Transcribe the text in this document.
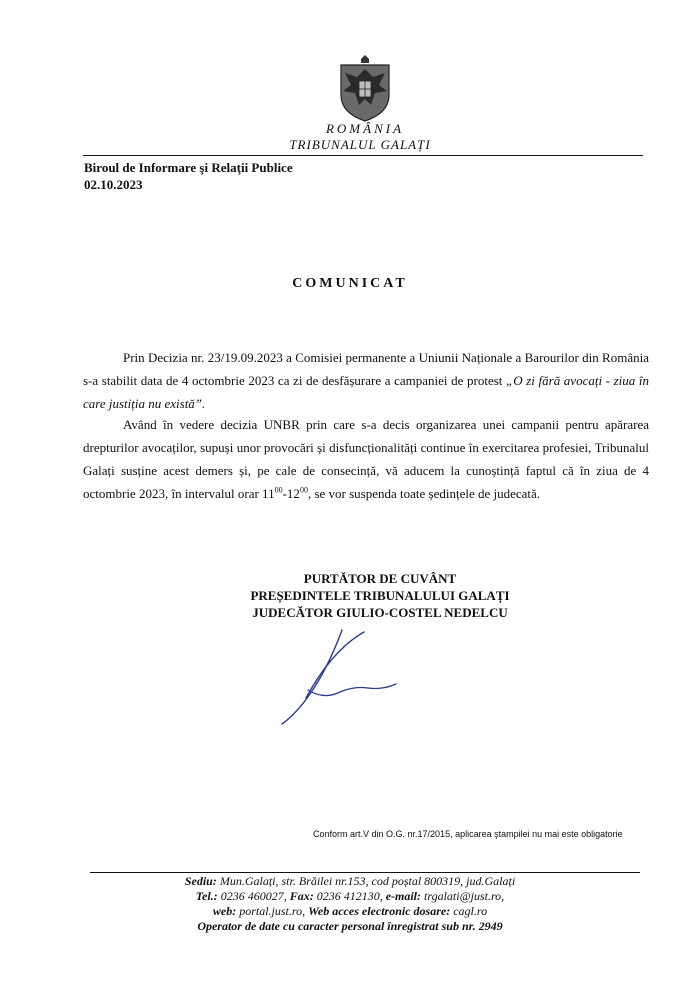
ROMÂNIA
TRIBUNALUL GALAȚI
Biroul de Informare şi Relaţii Publice
02.10.2023
COMUNICAT
Prin Decizia nr. 23/19.09.2023 a Comisiei permanente a Uniunii Naționale a Barourilor din România s-a stabilit data de 4 octombrie 2023 ca zi de desfășurare a campaniei de protest „O zi fără avocați - ziua în care justiția nu există”.
Având în vedere decizia UNBR prin care s-a decis organizarea unei campanii pentru apărarea drepturilor avocaților, supuși unor provocări și disfuncționalități continue în exercitarea profesiei, Tribunalul Galați susține acest demers și, pe cale de consecință, vă aducem la cunoștință faptul că în ziua de 4 octombrie 2023, în intervalul orar $11^{00}-12^{00}$, se vor suspenda toate ședințele de judecată.
PURTĂTOR DE CUVÂNT
PREȘEDINTELE TRIBUNALULUI GALAȚI
JUDECĂTOR GIULIO-COSTEL NEDELCU
Conform art.V din O.G. nr.17/2015, aplicarea ştampilei nu mai este obligatorie
Sediu: Mun.Galați, str. Brăilei nr.153, cod poștal 800319, jud.Galați
Tel.: 0236 460027, Fax: 0236 412130, e-mail: trgalati@just.ro,
web: portal.just.ro, Web acces electronic dosare: cagl.ro
Operator de date cu caracter personal înregistrat sub nr. 2949
